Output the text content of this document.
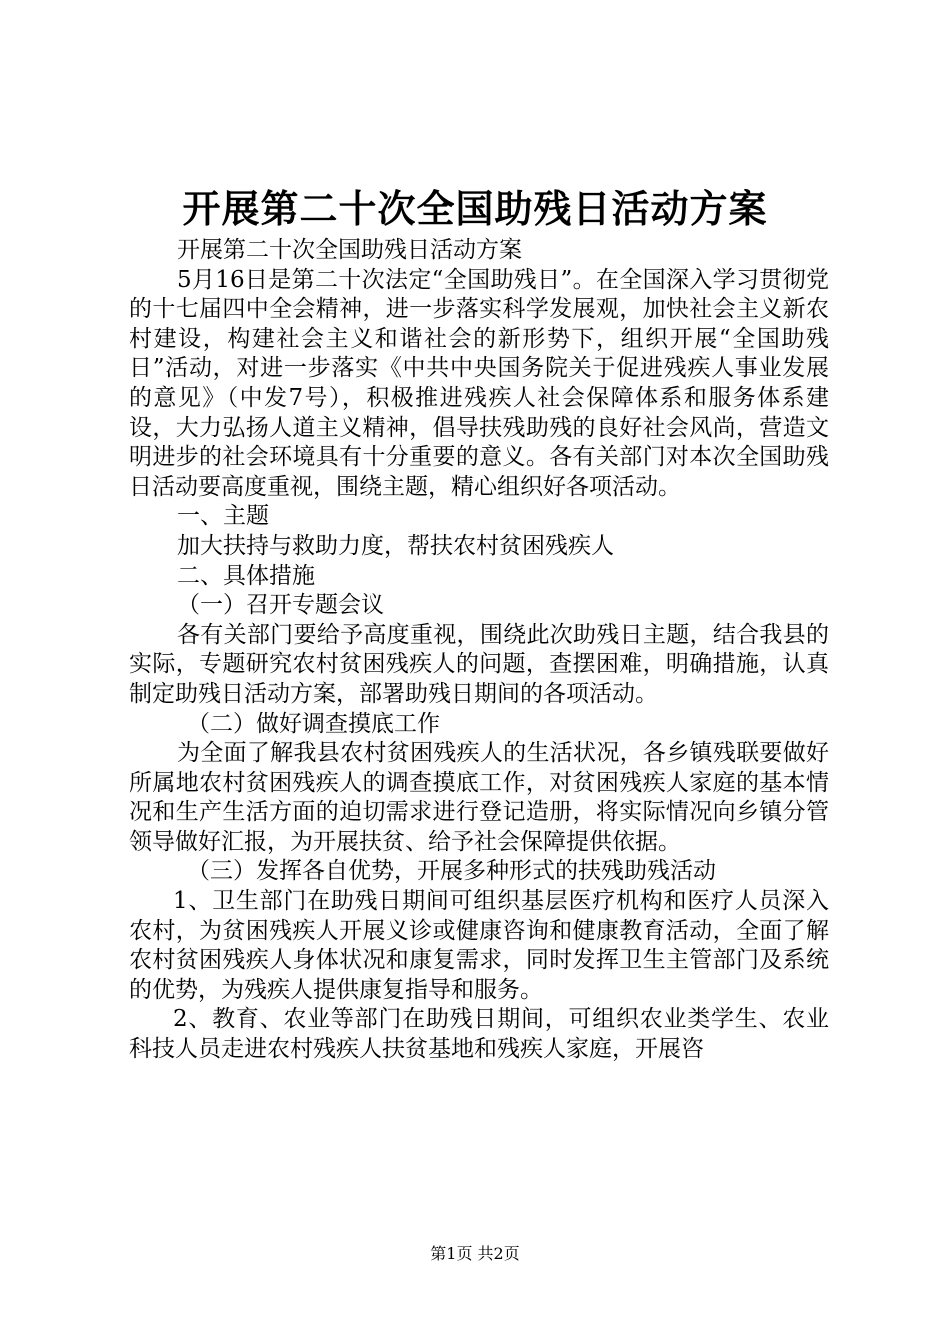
开展第二十次全国助残日活动方案

开展第二十次全国助残日活动方案

5月16日是第二十次法定“全国助残日”。在全国深入学习贯彻党的十七届四中全会精神，进一步落实科学发展观，加快社会主义新农村建设，构建社会主义和谐社会的新形势下，组织开展“全国助残日”活动，对进一步落实《中共中央国务院关于促进残疾人事业发展的意见》（中发7号），积极推进残疾人社会保障体系和服务体系建设，大力弘扬人道主义精神，倡导扶残助残的良好社会风尚，营造文明进步的社会环境具有十分重要的意义。各有关部门对本次全国助残日活动要高度重视，围绕主题，精心组织好各项活动。

一、主题

加大扶持与救助力度，帮扶农村贫困残疾人

二、具体措施

（一）召开专题会议

各有关部门要给予高度重视，围绕此次助残日主题，结合我县的实际，专题研究农村贫困残疾人的问题，查摆困难，明确措施，认真制定助残日活动方案，部署助残日期间的各项活动。

（二）做好调查摸底工作

为全面了解我县农村贫困残疾人的生活状况，各乡镇残联要做好所属地农村贫困残疾人的调查摸底工作，对贫困残疾人家庭的基本情况和生产生活方面的迫切需求进行登记造册，将实际情况向乡镇分管领导做好汇报，为开展扶贫、给予社会保障提供依据。

（三）发挥各自优势，开展多种形式的扶残助残活动

1、卫生部门在助残日期间可组织基层医疗机构和医疗人员深入农村，为贫困残疾人开展义诊或健康咨询和健康教育活动，全面了解农村贫困残疾人身体状况和康复需求，同时发挥卫生主管部门及系统的优势，为残疾人提供康复指导和服务。

2、教育、农业等部门在助残日期间，可组织农业类学生、农业科技人员走进农村残疾人扶贫基地和残疾人家庭，开展咨

第1页 共2页
